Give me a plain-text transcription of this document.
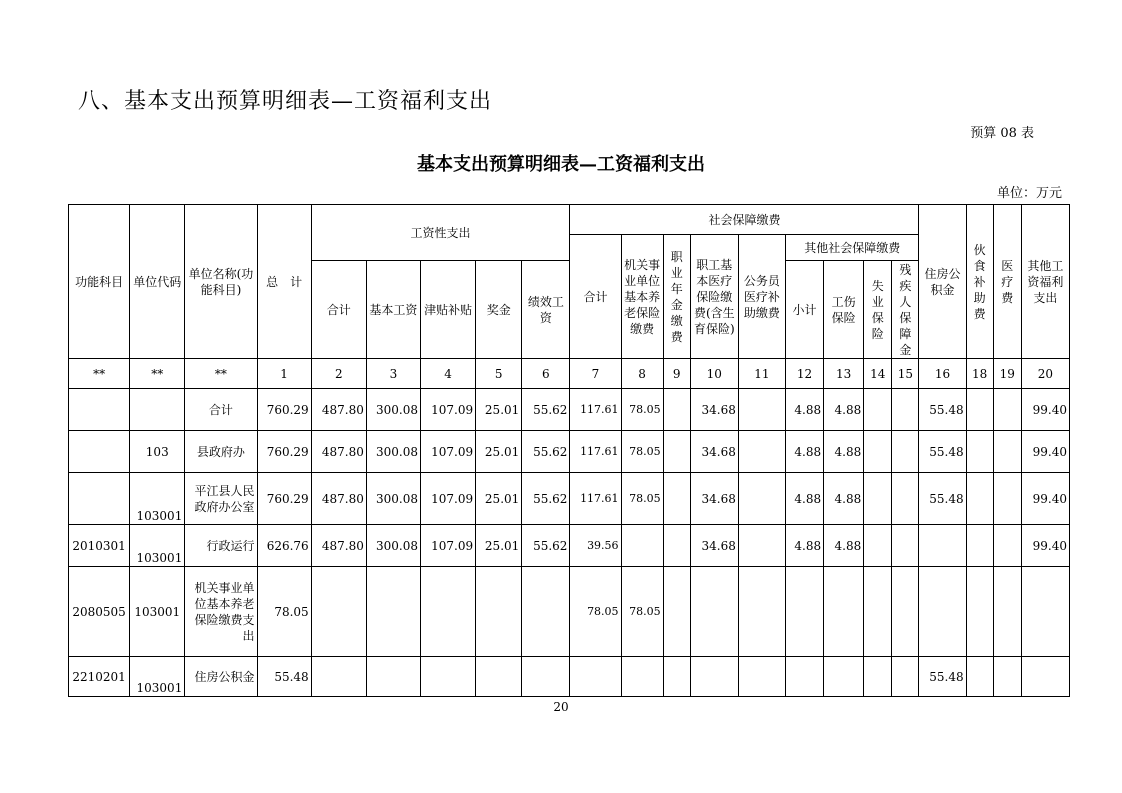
八、基本支出预算明细表—工资福利支出
预算 08 表
基本支出预算明细表—工资福利支出
单位：万元
功能科目	单位代码	单位名称(功能科目)	总　计	工资性支出					社会保障缴费									住房公积金	伙食补助费	医疗费	其他工资福利支出
									合计	机关事业单位基本养老保险缴费	职业年金缴费	职工基本医疗保险缴费(含生育保险)	公务员医疗补助缴费	其他社会保障缴费							
				合计	基本工资	津贴补贴	奖金	绩效工资						小计	工伤保险	失业保险	残疾人保障金				
**	**	**	1	2	3	4	5	6	7	8	9	10	11	12	13	14	15	16	18	19	20
		合计	760.29	487.80	300.08	107.09	25.01	55.62	117.61	78.05		34.68		4.88	4.88			55.48			99.40
	103	县政府办	760.29	487.80	300.08	107.09	25.01	55.62	117.61	78.05		34.68		4.88	4.88			55.48			99.40
	103001	平江县人民政府办公室	760.29	487.80	300.08	107.09	25.01	55.62	117.61	78.05		34.68		4.88	4.88			55.48			99.40
2010301	103001	行政运行	626.76	487.80	300.08	107.09	25.01	55.62	39.56			34.68		4.88	4.88						99.40
2080505	103001	机关事业单位基本养老保险缴费支出	78.05						78.05	78.05											
2210201	103001	住房公积金	55.48															55.48			
20
